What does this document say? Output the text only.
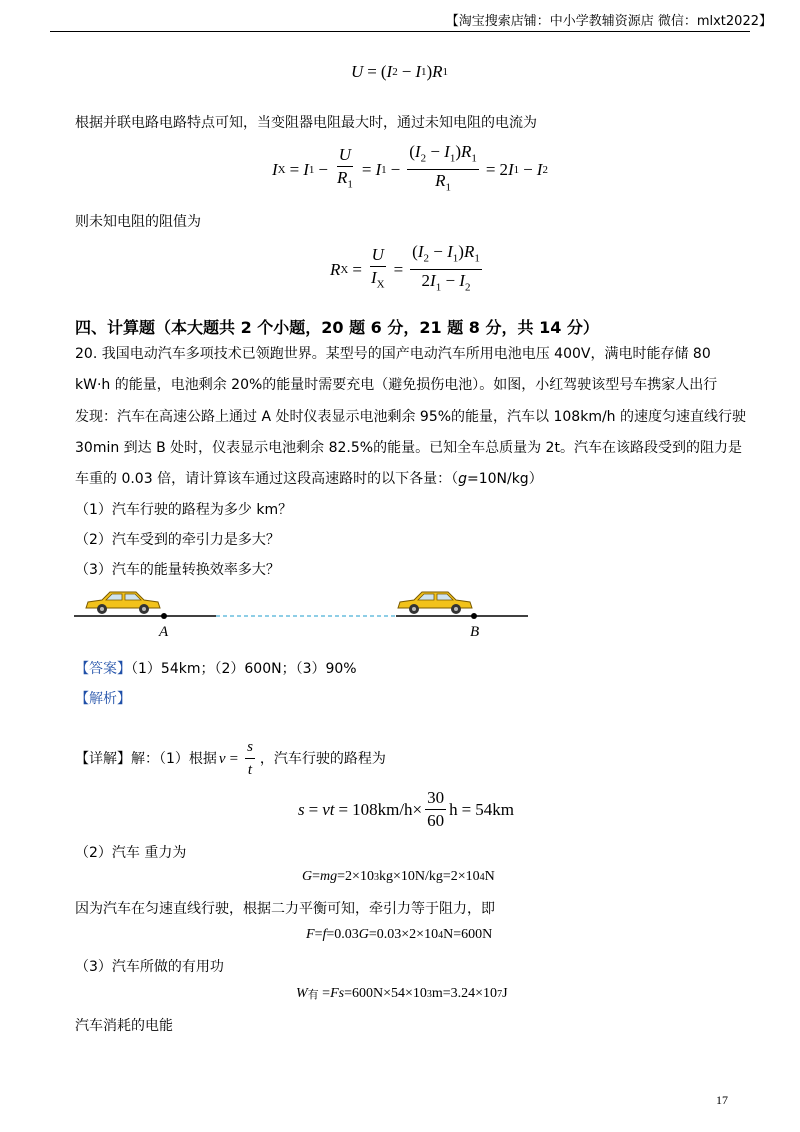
【淘宝搜索店铺：中小学教辅资源店 微信：mlxt2022】
U = ( I 2 − I 1 ) R 1
根据并联电路电路特点可知，当变阻器电阻最大时，通过未知电阻的电流为
I X = I $1 - \frac{U}{R_1} = I$ $1 - \frac{(I_2 - I_1)R_1}{R_1} = 2$ I 1 − I 2
则未知电阻的阻值为
R $X = \frac{U}{I_X} = \frac{(I_2 - I_1)R_1}{2I_1 - I_2}$
四、计算题（本大题共 2 个小题，20 题 6 分，21 题 8 分，共 14 分）
20. 我国电动汽车多项技术已领跑世界。某型号的国产电动汽车所用电池电压 400V，满电时能存储 80
kW·h 的能量，电池剩余 20%的能量时需要充电（避免损伤电池）。如图，小红驾驶该型号车携家人出行
发现：汽车在高速公路上通过 A 处时仪表显示电池剩余 95%的能量，汽车以 108km/h 的速度匀速直线行驶
30min 到达 B 处时，仪表显示电池剩余 82.5%的能量。已知全车总质量为 2t。汽车在该路段受到的阻力是
车重的 0.03 倍，请计算该车通过这段高速路时的以下各量：（g=10N/kg）
（1）汽车行驶的路程为多少 km？
（2）汽车受到的牵引力是多大？
（3）汽车的能量转换效率多大？
A	B
【答案】（1）54km；（2）600N；（3）90%
【解析】
【详解】 解：（1）根据 $v = \frac{s}{t}$ ，汽车行驶的路程为
s = vt = $108km/h\times \frac{30}{60}$ h = 54km
（2）汽车 重力为
G = mg =2×10 3 kg×10N/kg=2×10 4 N
因为汽车在匀速直线行驶，根据二力平衡可知，牵引力等于阻力，即
F = f =0.03 G =0.03×2×10 4 N=600N
（3）汽车所做的有用功
W 有 = Fs =600N×54×10 3 m=3.24×10 7 J
汽车消耗的电能
17
